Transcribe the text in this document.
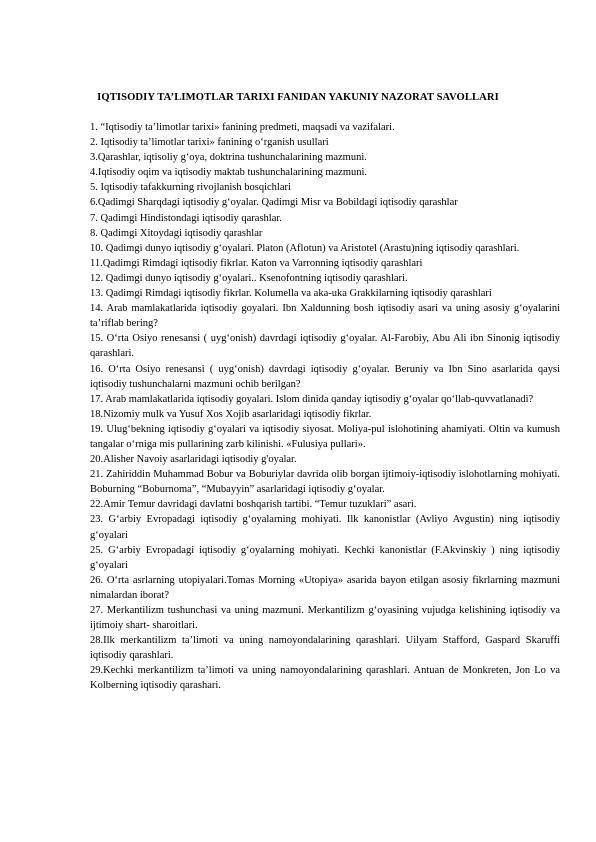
IQTISODIY TA’LIMOTLAR TARIXI FANIDAN YAKUNIY NAZORAT SAVOLLARI

1. “Iqtisodiy ta’limotlar tarixi» fanining predmeti, maqsadi va vazifalari.

2. Iqtisodiy ta’limotlar tarixi» fanining o‘rganish usullari

3.Qarashlar, iqtisoliy g‘oya, doktrina tushunchalarining mazmuni.

4.Iqtisodiy oqim va iqtisodiy maktab tushunchalarining mazmuni.

5. Iqtisodiy tafakkurning rivojlanish bosqichlari

6.Qadimgi Sharqdagi iqtisodiy g‘oyalar. Qadimgi Misr va Bobildagi iqtisodiy qarashlar

7. Qadimgi Hindistondagi iqtisodiy qarashlar.

8. Qadimgi Xitoydagi iqtisodiy qarashlar

10. Qadimgi dunyo iqtisodiy g‘oyalari. Platon (Aflotun) va Aristotel (Arastu)ning iqtisodiy qarashlari.

11.Qadimgi Rimdagi iqtisodiy fikrlar. Katon va Varronning iqtisodiy qarashlari

12. Qadimgi dunyo iqtisodiy g‘oyalari.. Ksenofontning iqtisodiy qarashlari.

13. Qadimgi Rimdagi iqtisodiy fikrlar. Kolumella va aka-uka Grakkilarning iqtisodiy qarashlari

14. Arab mamlakatlarida iqtisodiy goyalari. Ibn Xaldunning bosh iqtisodiy asari va uning asosiy g‘oyalarini ta’riflab bering?

15. O‘rta Osiyo renesansi ( uyg‘onish) davrdagi iqtisodiy g‘oyalar. Al-Farobiy, Abu Ali ibn Sinonig iqtisodiy qarashlari.

16. O‘rta Osiyo renesansi ( uyg‘onish) davrdagi iqtisodiy g‘oyalar. Beruniy va Ibn Sino asarlarida qaysi iqtisodiy tushunchalarni mazmuni ochib berilgan?

17. Arab mamlakatlarida iqtisodiy goyalari. Islom dinida qanday iqtisodiy g‘oyalar qo‘llab-quvvatlanadi?

18.Nizomiy mulk va Yusuf Xos Xojib asarlaridagi iqtisodiy fikrlar.

19. Ulug‘bekning iqtisodiy g‘oyalari va iqtisodiy siyosat. Moliya-pul islohotining ahamiyati. Oltin va kumush tangalar o‘rniga mis pullarining zarb kilinishi. «Fulusiya pullari».

20.Alisher Navoiy asarlaridagi iqtisodiy g'oyalar.

21. Zahiriddin Muhammad Bobur va Boburiylar davrida olib borgan ijtimoiy-iqtisodiy islohotlarning mohiyati. Boburning “Boburnoma”, “Mubayyin” asarlaridagi iqtisodiy g‘oyalar.

22.Amir Temur davridagi davlatni boshqarish tartibi. “Temur tuzuklari” asari.

23. G‘arbiy Evropadagi iqtisodiy g‘oyalarning mohiyati. Ilk kanonistlar (Avliyo Avgustin) ning iqtisodiy g‘oyalari

25. G‘arbiy Evropadagi iqtisodiy g‘oyalarning mohiyati. Kechki kanonistlar (F.Akvinskiy ) ning iqtisodiy g‘oyalari

26. O‘rta asrlarning utopiyalari.Tomas Morning «Utopiya» asarida bayon etilgan asosiy fikrlarning mazmuni nimalardan iborat?

27. Merkantilizm tushunchasi va uning mazmuni. Merkantilizm g‘oyasining vujudga kelishining iqtisodiy va ijtimoiy shart- sharoitlari.

28.Ilk merkantilizm ta’limoti va uning namoyondalarining qarashlari. Uilyam Stafford, Gaspard Skaruffi iqtisodiy qarashlari.

29.Kechki merkantilizm ta’limoti va uning namoyondalarining qarashlari. Antuan de Monkreten, Jon Lo va Kolberning iqtisodiy qarashari.
